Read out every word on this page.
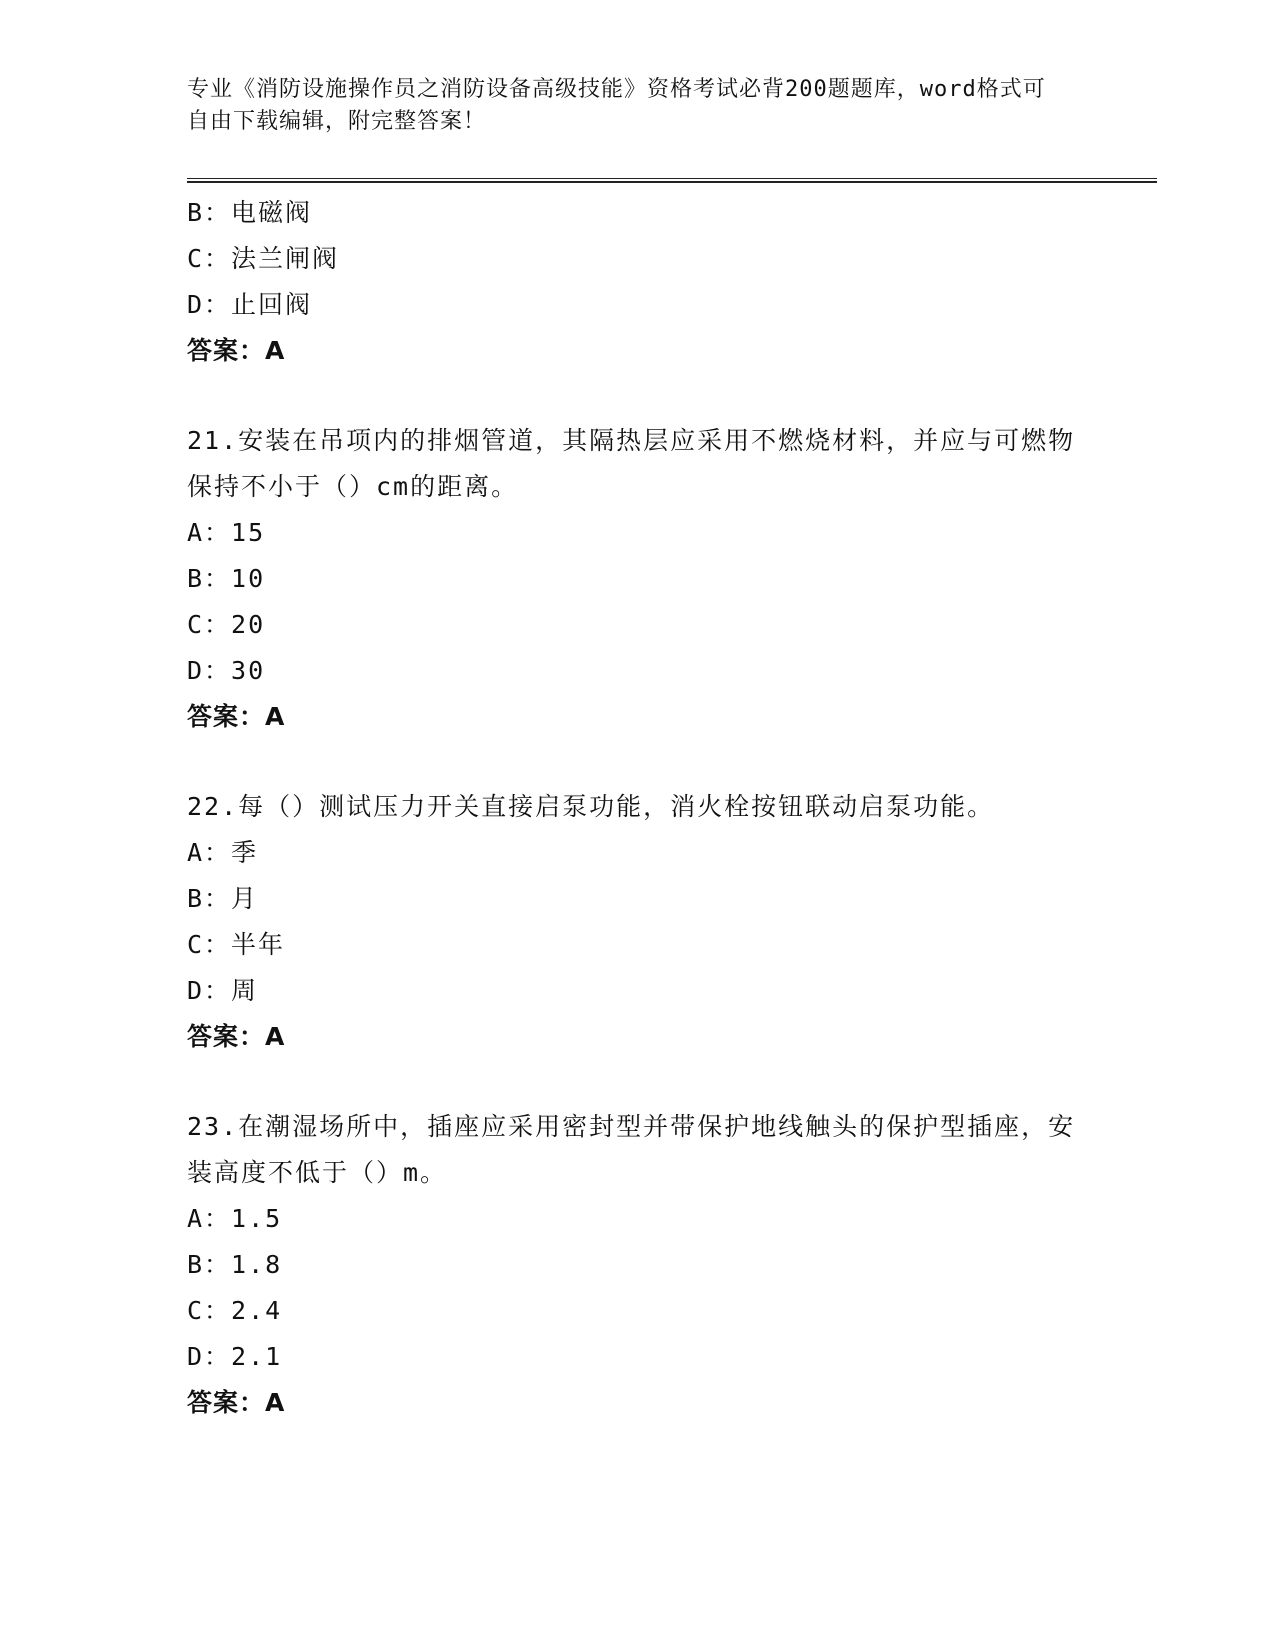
专业《消防设施操作员之消防设备高级技能》资格考试必背200题题库，word格式可自由下载编辑，附完整答案！
B：电磁阀
C：法兰闸阀
D：止回阀
答案：A
21.安装在吊项内的排烟管道，其隔热层应采用不燃烧材料，并应与可燃物保持不小于（）cm的距离。
A：15
B：10
C：20
D：30
答案：A
22.每（）测试压力开关直接启泵功能，消火栓按钮联动启泵功能。
A：季
B：月
C：半年
D：周
答案：A
23.在潮湿场所中，插座应采用密封型并带保护地线触头的保护型插座，安装高度不低于（）m。
A：1.5
B：1.8
C：2.4
D：2.1
答案：A
